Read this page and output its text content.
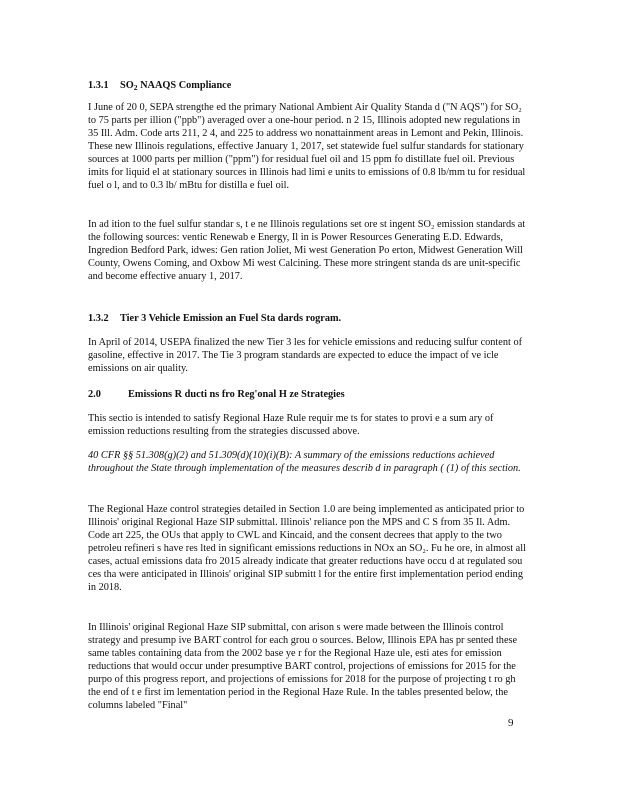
1.3.1	$SO_2$ NAAQS Compliance

I June of 20 0, SEPA strengthe ed the primary National Ambient Air Quality Standa d ("N AQS") for SO₂ to 75 parts per illion ("ppb") averaged over a one-hour period. n 2 15, Illinois adopted new regulations in 35 Ill. Adm. Code arts 211, 2 4, and 225 to address wo nonattainment areas in Lemont and Pekin, Illinois. These new Illinois regulations, effective January 1, 2017, set statewide fuel sulfur standards for stationary sources at 1000 parts per million ("ppm") for residual fuel oil and 15 ppm fo distillate fuel oil. Previous imits for liquid el at stationary sources in Illinois had limi e units to emissions of 0.8 lb/mm tu for residual fuel o l, and to 0.3 lb/ mBtu for distilla e fuel oil.

In ad ition to the fuel sulfur standar s, t e ne Illinois regulations set ore st ingent SO₂ emission standards at the following sources: ventic Renewab e Energy, Il in is Power Resources Generating E.D. Edwards, Ingredion Bedford Park, idwes: Gen ration Joliet, Mi west Generation Po erton, Midwest Generation Will County, Owens Coming, and Oxbow Mi west Calcining. These more stringent standa ds are unit-specific and become effective anuary 1, 2017.

1.3.2	Tier 3 Vehicle Emission an Fuel Sta dards rogram.

In April of 2014, USEPA finalized the new Tier 3 les for vehicle emissions and reducing sulfur content of gasoline, effective in 2017. The Tie 3 program standards are expected to educe the impact of ve icle emissions on air quality.

2.0	Emissions R ducti ns fro Reg'onal H ze Strategies

This sectio is intended to satisfy Regional Haze Rule requir me ts for states to provi e a sum ary of emission reductions resulting from the strategies discussed above.

40 CFR §§ 51.308(g)(2) and 51.309(d)(10)(i)(B): A summary of the emissions reductions achieved throughout the State through implementation of the measures describ d in paragraph ( (1) of this section.

The Regional Haze control strategies detailed in Section 1.0 are being implemented as anticipated prior to Illinois' original Regional Haze SIP submittal. Illinois' reliance pon the MPS and C S from 35 Il. Adm. Code art 225, the OUs that apply to CWL and Kincaid, and the consent decrees that apply to the two petroleu refineri s have res lted in significant emissions reductions in NOx an SO₂. Fu he ore, in almost all cases, actual emissions data fro 2015 already indicate that greater reductions have occu d at regulated sou ces tha were anticipated in Illinois' original SIP submitt l for the entire first implementation period ending in 2018.

In Illinois' original Regional Haze SIP submittal, con arison s were made between the Illinois control strategy and presump ive BART control for each grou o sources. Below, Illinois EPA has pr sented these same tables containing data from the 2002 base ye r for the Regional Haze ule, esti ates for emission reductions that would occur under presumptive BART control, projections of emissions for 2015 for the purpo of this progress report, and projections of emissions for 2018 for the purpose of projecting t ro gh the end of t e first im lementation period in the Regional Haze Rule. In the tables presented below, the columns labeled "Final"

9
